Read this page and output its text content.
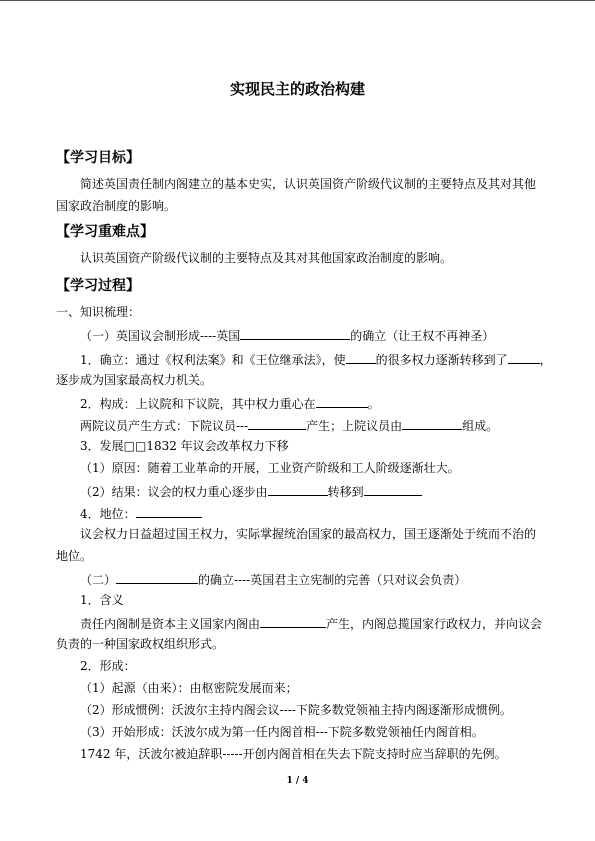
实现民主的政治构建
【学习目标】
简述英国责任制内阁建立的基本史实，认识英国资产阶级代议制的主要特点及其对其他
国家政治制度的影响。
【学习重难点】
认识英国资产阶级代议制的主要特点及其对其他国家政治制度的影响。
【学习过程】
一、知识梳理：
（一）英国议会制形成----英国	的确立（让王权不再神圣）
1．确立：通过《权利法案》和《王位继承法》，使	的很多权力逐渐转移到了	，
逐步成为国家最高权力机关。
2．构成：上议院和下议院，其中权力重心在	。
两院议员产生方式：下院议员---	产生；上院议员由	组成。
3．发展□□1832 年议会改革权力下移
（1）原因：随着工业革命的开展，工业资产阶级和工人阶级逐渐壮大。
（2）结果：议会的权力重心逐步由	转移到
4．地位：
议会权力日益超过国王权力，实际掌握统治国家的最高权力，国王逐渐处于统而不治的
地位。
（二）	的确立----英国君主立宪制的完善（只对议会负责）
1．含义
责任内阁制是资本主义国家内阁由	产生，内阁总揽国家行政权力，并向议会
负责的一种国家政权组织形式。
2．形成：
（1）起源（由来）：由枢密院发展而来；
（2）形成惯例：沃波尔主持内阁会议----下院多数党领袖主持内阁逐渐形成惯例。
（3）开始形成：沃波尔成为第一任内阁首相---下院多数党领袖任内阁首相。
1742 年，沃波尔被迫辞职-----开创内阁首相在失去下院支持时应当辞职的先例。
1 / 4
